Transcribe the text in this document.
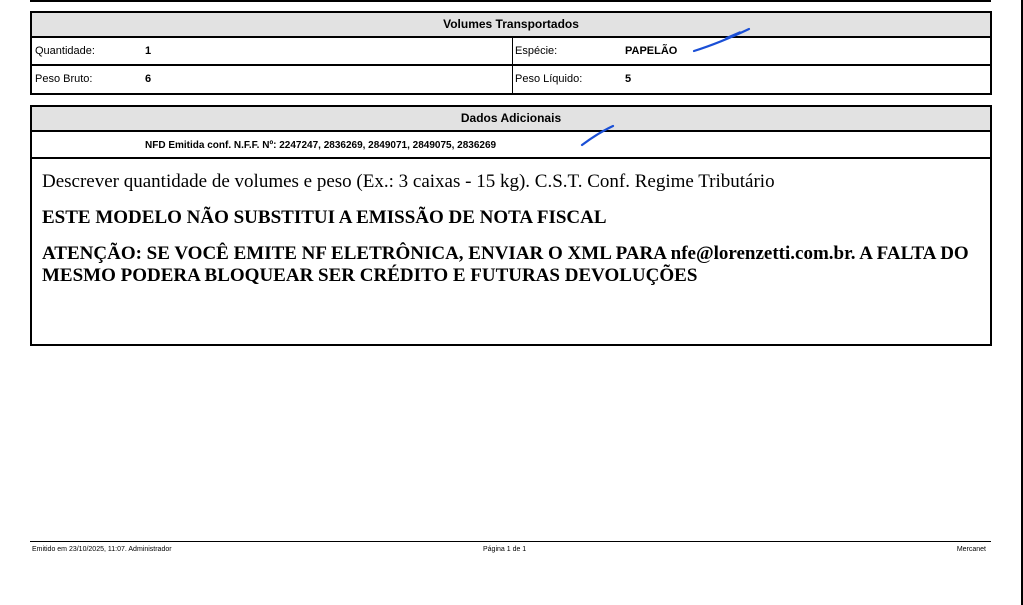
Volumes Transportados
Quantidade:	1	Espécie:	PAPELÃO
Peso Bruto:	6	Peso Líquido:	5
Dados Adicionais
NFD Emitida conf. N.F.F. Nº: 2247247, 2836269, 2849071, 2849075, 2836269

Descrever quantidade de volumes e peso (Ex.: 3 caixas - 15 kg). C.S.T. Conf. Regime Tributário

ESTE MODELO NÃO SUBSTITUI A EMISSÃO DE NOTA FISCAL

ATENÇÃO: SE VOCÊ EMITE NF ELETRÔNICA, ENVIAR O XML PARA nfe@lorenzetti.com.br. A FALTA DO MESMO PODERA BLOQUEAR SER CRÉDITO E FUTURAS DEVOLUÇÕES

Emitido em 23/10/2025, 11:07. Administrador	Página 1 de 1	Mercanet
